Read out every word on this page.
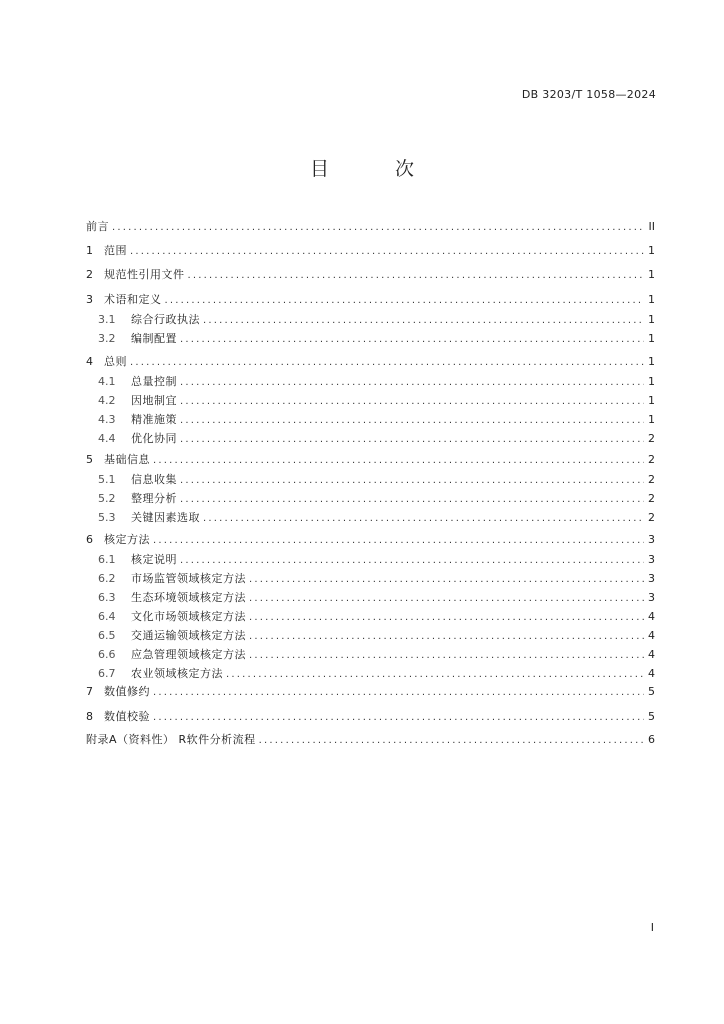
DB 3203/T 1058—2024
目 次
前言 .....	II
1	范围 .....	1
2	规范性引用文件 .....	1
3	术语和定义 .....	1
3.1	综合行政执法 .....	1
3.2	编制配置 .....	1
4	总则 .....	1
4.1	总量控制 .....	1
4.2	因地制宜 .....	1
4.3	精准施策 .....	1
4.4	优化协同 .....	2
5	基础信息 .....	2
5.1	信息收集 .....	2
5.2	整理分析 .....	2
5.3	关键因素选取 .....	2
6	核定方法 .....	3
6.1	核定说明 .....	3
6.2	市场监管领域核定方法 .....	3
6.3	生态环境领域核定方法 .....	3
6.4	文化市场领域核定方法 .....	4
6.5	交通运输领域核定方法 .....	4
6.6	应急管理领域核定方法 .....	4
6.7	农业领域核定方法 .....	4
7	数值修约 .....	5
8	数值校验 .....	5
附录A（资料性） R软件分析流程 .....	6
I
